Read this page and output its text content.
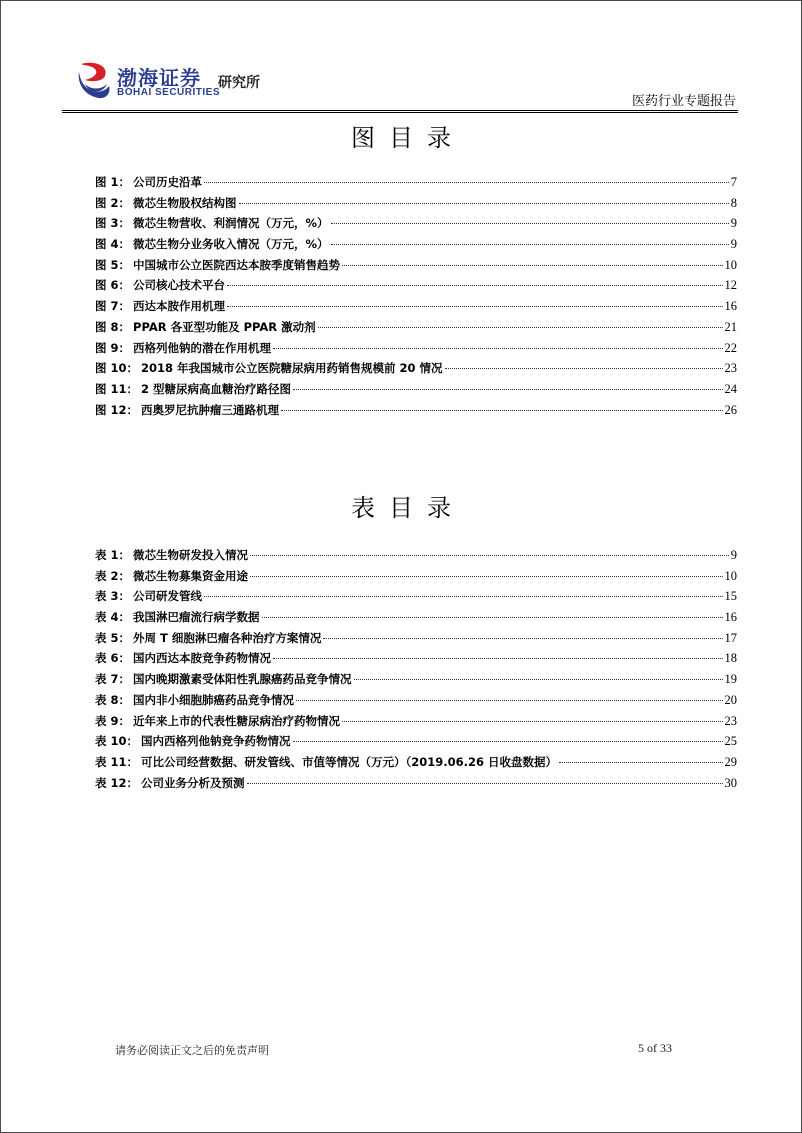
渤海证券
BOHAI SECURITIES
研究所
医药行业专题报告
图目录
图 1 ： 公司历史沿革	7
图 2 ： 微芯生物股权结构图	8
图 3 ： 微芯生物营收、利润情况（万元，%）	9
图 4 ： 微芯生物分业务收入情况（万元，%）	9
图 5 ： 中国城市公立医院西达本胺季度销售趋势	10
图 6 ： 公司核心技术平台	12
图 7 ： 西达本胺作用机理	16
图 8 ： PPAR 各亚型功能及 PPAR 激动剂	21
图 9 ： 西格列他钠的潜在作用机理	22
图 10 ： 2018 年我国城市公立医院糖尿病用药销售规模前 20 情况	23
图 11 ： 2 型糖尿病高血糖治疗路径图	24
图 12 ： 西奥罗尼抗肿瘤三通路机理	26
表目录
表 1 ： 微芯生物研发投入情况	9
表 2 ： 微芯生物募集资金用途	10
表 3 ： 公司研发管线	15
表 4 ： 我国淋巴瘤流行病学数据	16
表 5 ： 外周 T 细胞淋巴瘤各种治疗方案情况	17
表 6 ： 国内西达本胺竞争药物情况	18
表 7 ： 国内晚期激素受体阳性乳腺癌药品竞争情况	19
表 8 ： 国内非小细胞肺癌药品竞争情况	20
表 9 ： 近年来上市的代表性糖尿病治疗药物情况	23
表 10 ： 国内西格列他钠竞争药物情况	25
表 11 ： 可比公司经营数据、研发管线、市值等情况（万元）（2019.06.26 日收盘数据）	29
表 12 ： 公司业务分析及预测	30
请务必阅读正文之后的免责声明	5 of 33
